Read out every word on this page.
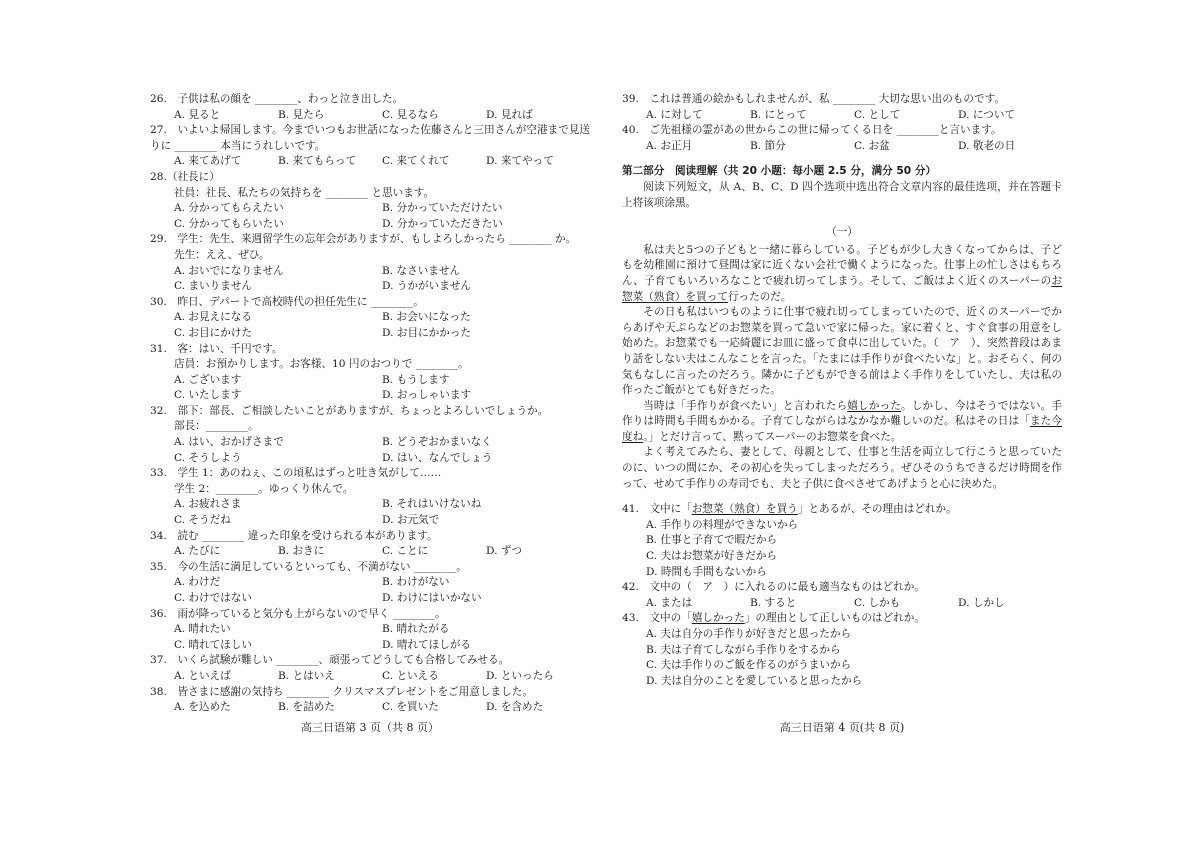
26.　子供は私の顔を ________、わっと泣き出した。
A. 見ると	B. 見たら	C. 見るなら	D. 見れば
27.　いよいよ帰国します。今までいつもお世話になった佐藤さんと三田さんが空港まで見送りに ________ 本当にうれしいです。
A. 来てあげて	B. 来てもらって	C. 来てくれて	D. 来てやって
28.（社長に）
社員：社長、私たちの気持ちを ________ と思います。
A. 分かってもらえたい	B. 分かっていただけたい
C. 分かってもらいたい	D. 分かっていただきたい
29.　学生：先生、来週留学生の忘年会がありますが、もしよろしかったら ________ か。
先生：ええ、ぜひ。
A. おいでになりません	B. なさいません
C. まいりません	D. うかがいません
30.　昨日、デパートで高校時代の担任先生に ________。
A. お見えになる	B. お会いになった
C. お目にかけた	D. お目にかかった
31.　客：はい、千円です。
店員：お預かりします。お客様、10 円のおつりで ________。
A. ございます	B. もうします
C. いたします	D. おっしゃいます
32.　部下：部長、ご相談したいことがありますが、ちょっとよろしいでしょうか。
部長：________。
A. はい、おかげさまで	B. どうぞおかまいなく
C. そうしよう	D. はい、なんでしょう
33.　学生 1：あのねぇ、この頃私はずっと吐き気がして……
学生 2：________。ゆっくり休んで。
A. お疲れさま	B. それはいけないね
C. そうだね	D. お元気で
34.　読む ________ 違った印象を受けられる本があります。
A. たびに	B. おきに	C. ことに	D. ずつ
35.　今の生活に満足しているといっても、不満がない ________。
A. わけだ	B. わけがない
C. わけではない	D. わけにはいかない
36.　雨が降っていると気分も上がらないので早く ________。
A. 晴れたい	B. 晴れたがる
C. 晴れてほしい	D. 晴れてほしがる
37.　いくら試験が難しい ________、頑張ってどうしても合格してみせる。
A. といえば	B. とはいえ	C. といえる	D. といったら
38.　皆さまに感謝の気持ち ________ クリスマスプレゼントをご用意しました。
A. を込めた	B. を詰めた	C. を買いた	D. を含めた
39.　これは普通の絵かもしれませんが、私 ________ 大切な思い出のものです。
A. に対して	B. にとって	C. として	D. について
40.　ご先祖様の霊があの世からこの世に帰ってくる日を ________と言います。
A. お正月	B. 節分	C. お盆	D. 敬老の日
第二部分　阅读理解（共 20 小题：每小题 2.5 分，满分 50 分）
阅读下列短文，从 A、B、C、D 四个选项中选出符合文章内容的最佳选项，并在答题卡上将该项涂黑。
（一）
私は夫と5つの子どもと一緒に暮らしている。子どもが少し大きくなってからは、子どもを幼稚園に預けて昼間は家に近くない会社で働くようになった。仕事上の忙しさはもちろん、子育てもいろいろなことで疲れ切ってしまう。そして、ご飯はよく近くのスーパーのお惣菜（熟食）を買って行ったのだ。
その日も私はいつものように仕事で疲れ切ってしまっていたので、近くのスーパーでからあげや天ぷらなどのお惣菜を買って急いで家に帰った。家に着くと、すぐ食事の用意をし始めた。お惣菜でも一応綺麗にお皿に盛って食卓に出していた。（　ア　）、突然普段はあまり話をしない夫はこんなことを言った。「たまには手作りが食べたいな」と。おそらく、何の気もなしに言ったのだろう。隣かに子どもができる前はよく手作りをしていたし、夫は私の作ったご飯がとても好きだった。
当時は「手作りが食べたい」と言われたら嬉しかった。しかし、今はそうではない。手作りは時間も手間もかかる。子育てしながらはなかなか難しいのだ。私はその日は「また今度ね。」とだけ言って、黙ってスーパーのお惣菜を食べた。
よく考えてみたら、妻として、母親として、仕事と生活を両立して行こうと思っていたのに、いつの間にか、その初心を失ってしまっただろう。ぜひそのうちできるだけ時間を作って、せめて手作りの寿司でも、夫と子供に食べさせてあげようと心に決めた。
41.　文中に「お惣菜（熟食）を買う」とあるが、その理由はどれか。
A. 手作りの料理ができないから
B. 仕事と子育てで暇だから
C. 夫はお惣菜が好きだから
D. 時間も手間もないから
42.　文中の（　ア　）に入れるのに最も適当なものはどれか。
A. または	B. すると	C. しかも	D. しかし
43.　文中の「嬉しかった」の理由として正しいものはどれか。
A. 夫は自分の手作りが好きだと思ったから
B. 夫は子育てしながら手作りをするから
C. 夫は手作りのご飯を作るのがうまいから
D. 夫は自分のことを愛していると思ったから
高三日语第 3 页（共 8 页）	高三日语第 4 页(共 8 页)
